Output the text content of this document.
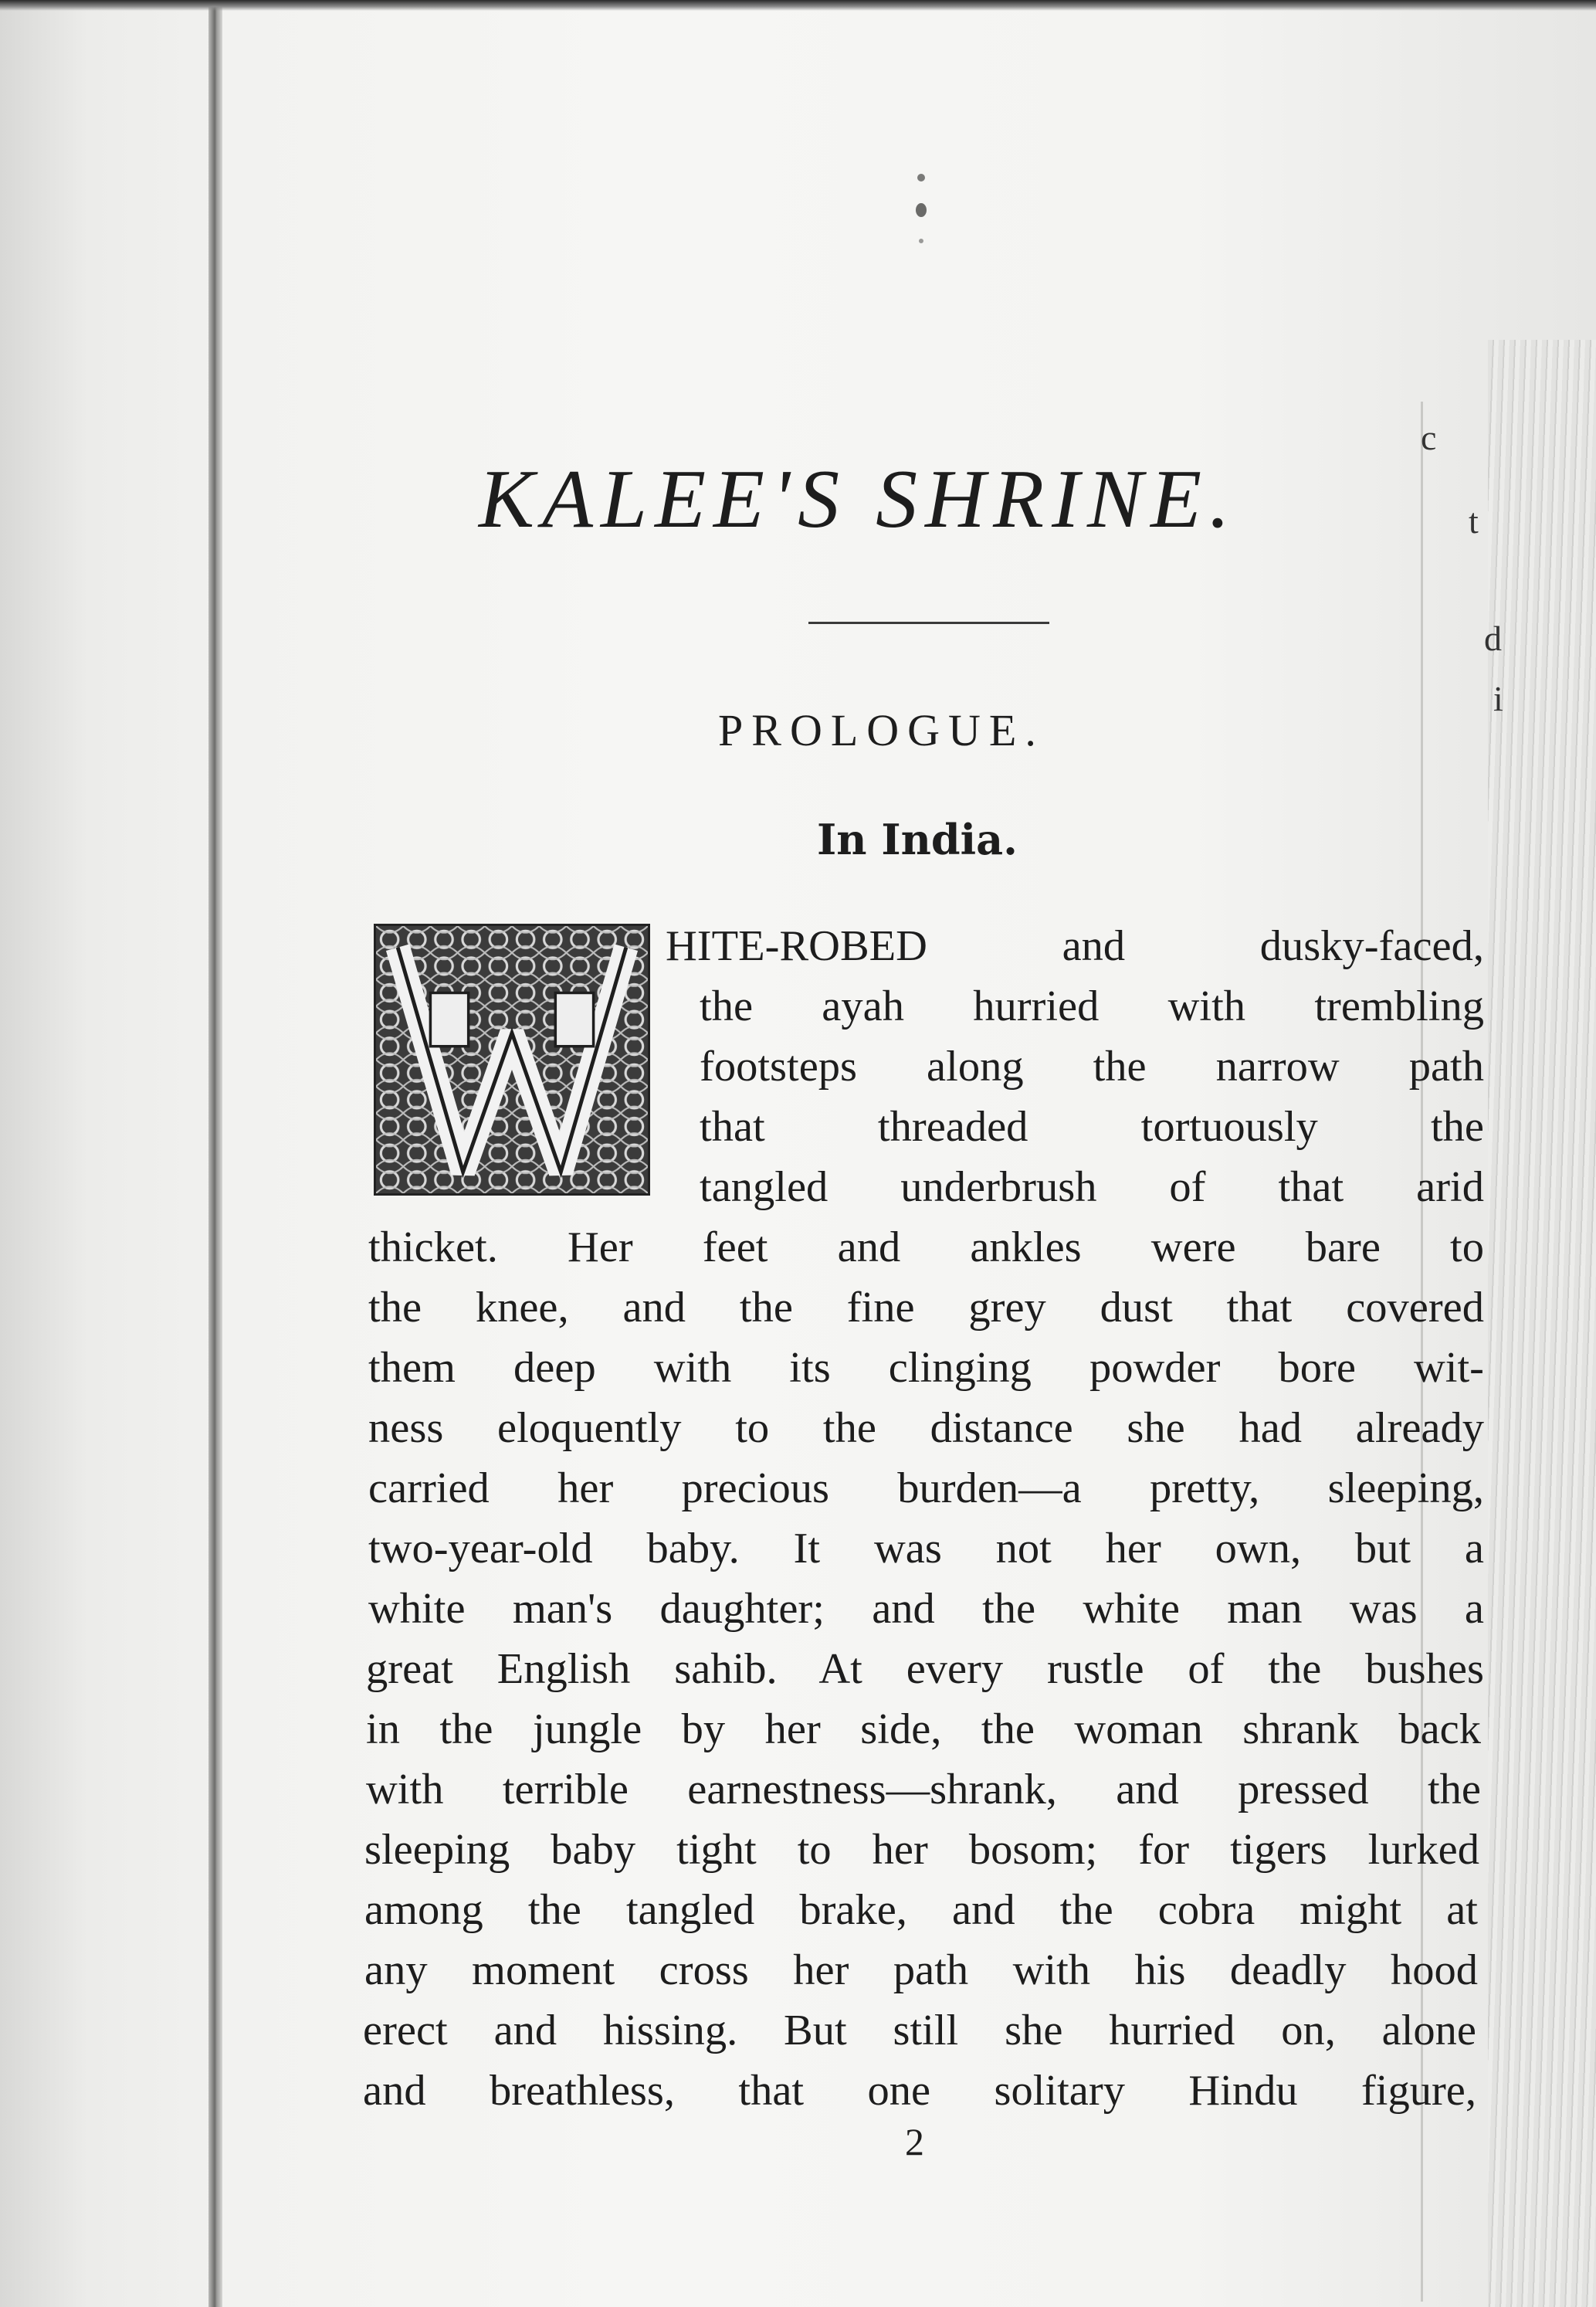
c
t
d
i
KALEE'S SHRINE.
PROLOGUE.
In India.
HITE-ROBED and dusky-faced,
the ayah hurried with trembling
footsteps along the narrow path
that threaded tortuously the
tangled underbrush of that arid
thicket. Her feet and ankles were bare to
the knee, and the fine grey dust that covered
them deep with its clinging powder bore wit-
ness eloquently to the distance she had already
carried her precious burden—a pretty, sleeping,
two-year-old baby. It was not her own, but a
white man's daughter; and the white man was a
great English sahib. At every rustle of the bushes
in the jungle by her side, the woman shrank back
with terrible earnestness—shrank, and pressed the
sleeping baby tight to her bosom; for tigers lurked
among the tangled brake, and the cobra might at
any moment cross her path with his deadly hood
erect and hissing. But still she hurried on, alone
and breathless, that one solitary Hindu figure,
2
